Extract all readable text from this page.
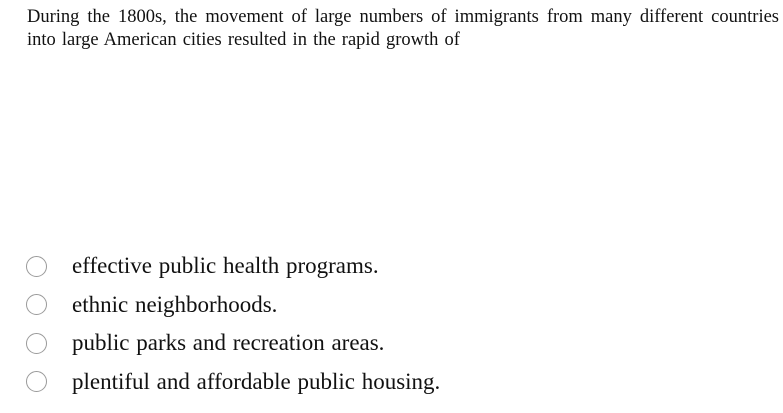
During the 1800s, the movement of large numbers of immigrants from many different countries into large American cities resulted in the rapid growth of

effective public health programs.
ethnic neighborhoods.
public parks and recreation areas.
plentiful and affordable public housing.
